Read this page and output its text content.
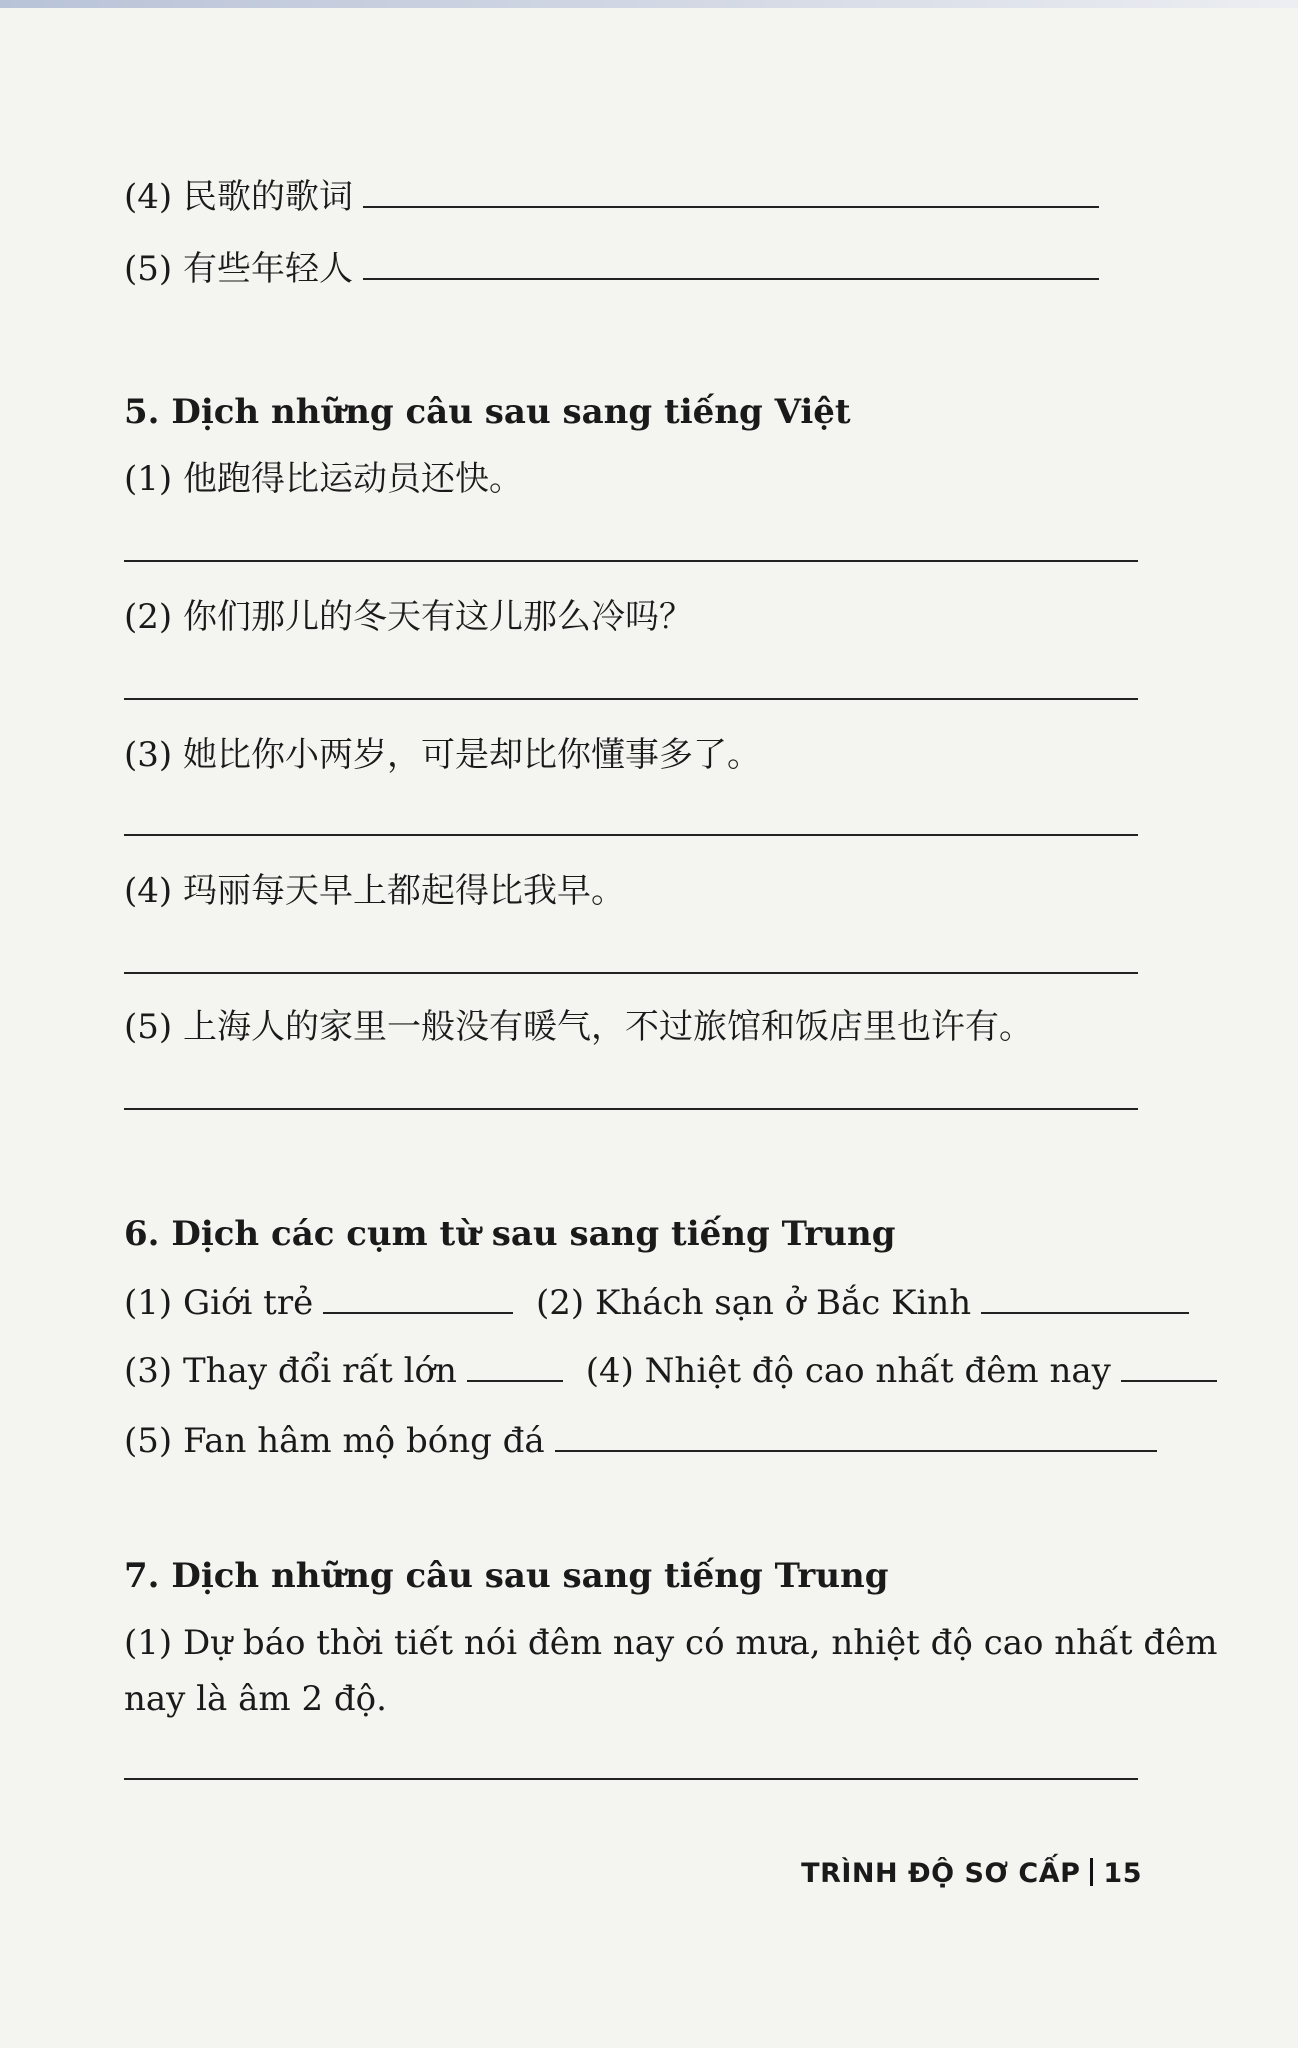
(4) 民歌的歌词
(5) 有些年轻人
5. Dịch những câu sau sang tiếng Việt
(1) 他跑得比运动员还快。
(2) 你们那儿的冬天有这儿那么冷吗？
(3) 她比你小两岁，可是却比你懂事多了。
(4) 玛丽每天早上都起得比我早。
(5) 上海人的家里一般没有暖气，不过旅馆和饭店里也许有。
6. Dịch các cụm từ sau sang tiếng Trung
(1) Giới trẻ	(2) Khách sạn ở Bắc Kinh
(3) Thay đổi rất lớn	(4) Nhiệt độ cao nhất đêm nay
(5) Fan hâm mộ bóng đá
7. Dịch những câu sau sang tiếng Trung
(1) Dự báo thời tiết nói đêm nay có mưa, nhiệt độ cao nhất đêm
nay là âm 2 độ.
TRÌNH ĐỘ SƠ CẤP 15
